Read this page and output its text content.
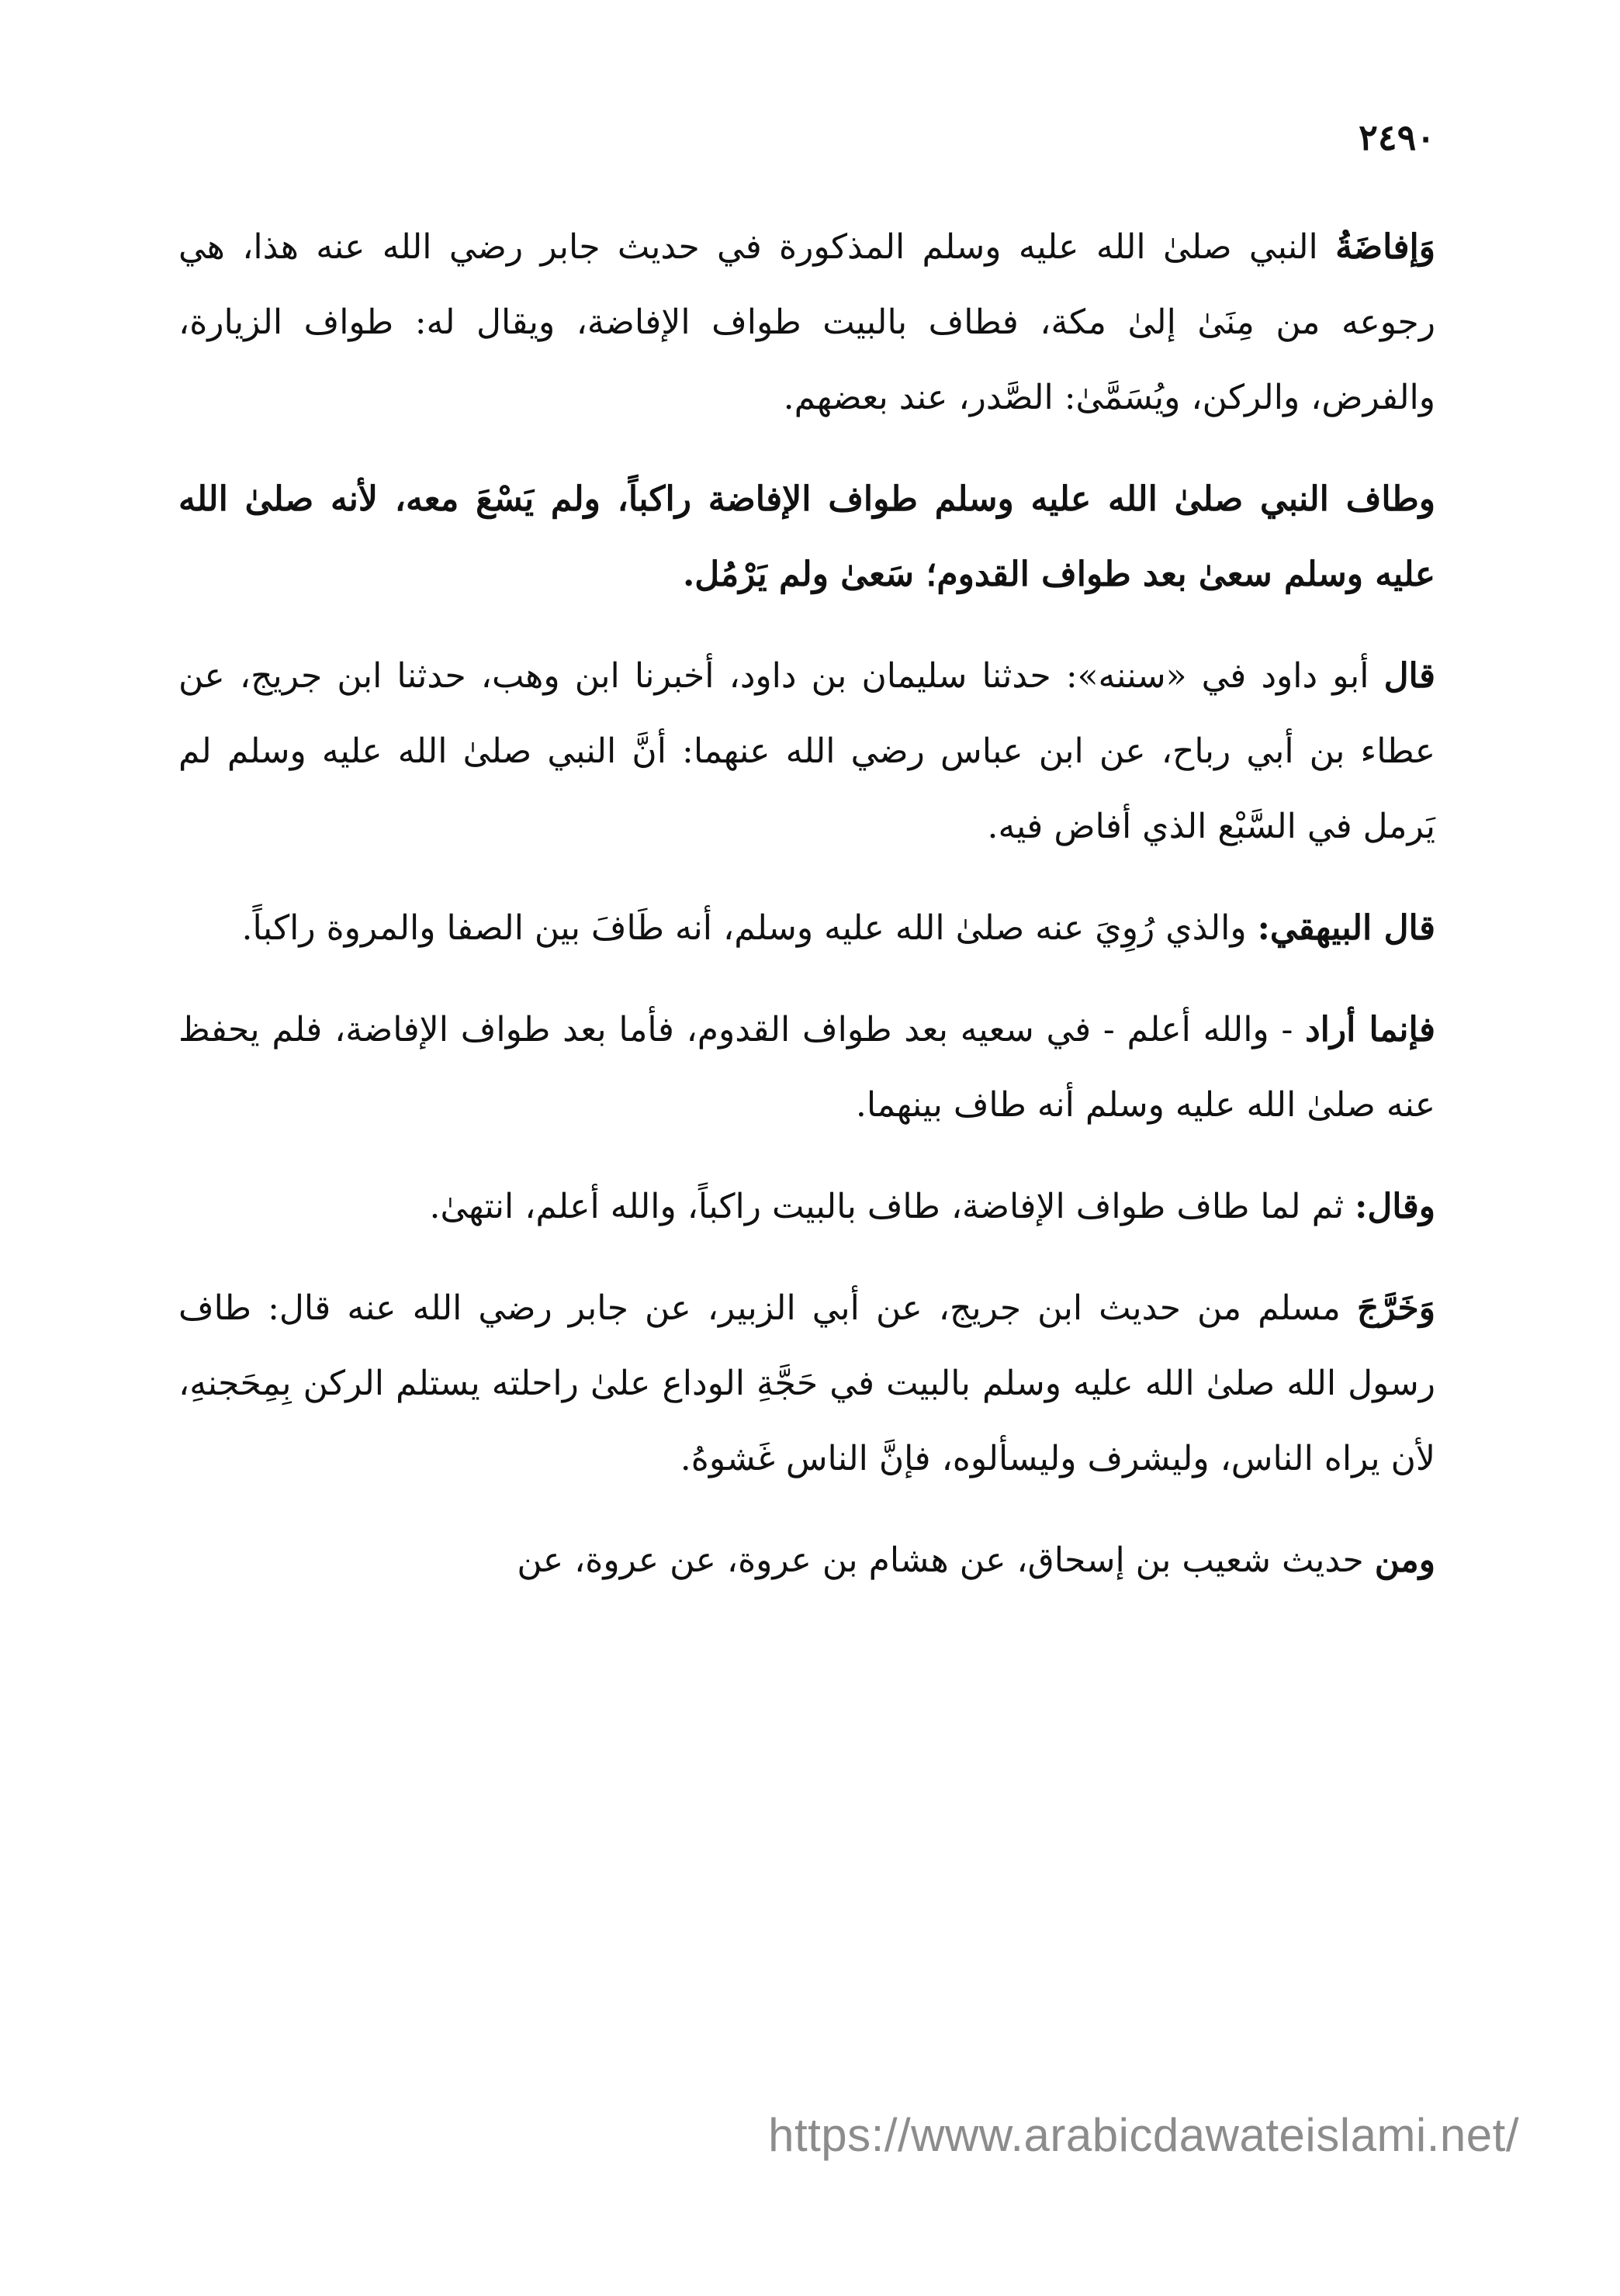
٢٤٩٠

وَإفاضَةُ النبي صلىٰ الله عليه وسلم المذكورة في حديث جابر رضي الله عنه هذا، هي رجوعه من مِنَىٰ إلىٰ مكة، فطاف بالبيت طواف الإفاضة، ويقال له: طواف الزيارة، والفرض، والركن، ويُسَمَّىٰ: الصَّدر، عند بعضهم.

وطاف النبي صلىٰ الله عليه وسلم طواف الإفاضة راكباً، ولم يَسْعَ معه، لأنه صلىٰ الله عليه وسلم سعىٰ بعد طواف القدوم؛ سَعىٰ ولم يَرْمُل.

قال أبو داود في «سننه»: حدثنا سليمان بن داود، أخبرنا ابن وهب، حدثنا ابن جريج، عن عطاء بن أبي رباح، عن ابن عباس رضي الله عنهما: أنَّ النبي صلىٰ الله عليه وسلم لم يَرمل في السَّبْع الذي أفاض فيه.

قال البيهقي: والذي رُوِيَ عنه صلىٰ الله عليه وسلم، أنه طَافَ بين الصفا والمروة راكباً.

فإنما أراد - والله أعلم - في سعيه بعد طواف القدوم، فأما بعد طواف الإفاضة، فلم يحفظ عنه صلىٰ الله عليه وسلم أنه طاف بينهما.

وقال: ثم لما طاف طواف الإفاضة، طاف بالبيت راكباً، والله أعلم، انتهىٰ.

وَخَرَّجَ مسلم من حديث ابن جريج، عن أبي الزبير، عن جابر رضي الله عنه قال: طاف رسول الله صلىٰ الله عليه وسلم بالبيت في حَجَّةِ الوداع علىٰ راحلته يستلم الركن بِمِحَجنهِ، لأن يراه الناس، وليشرف وليسألوه، فإنَّ الناس غَشوهُ.

ومن حديث شعيب بن إسحاق، عن هشام بن عروة، عن عروة، عن

https://www.arabicdawateislami.net/
